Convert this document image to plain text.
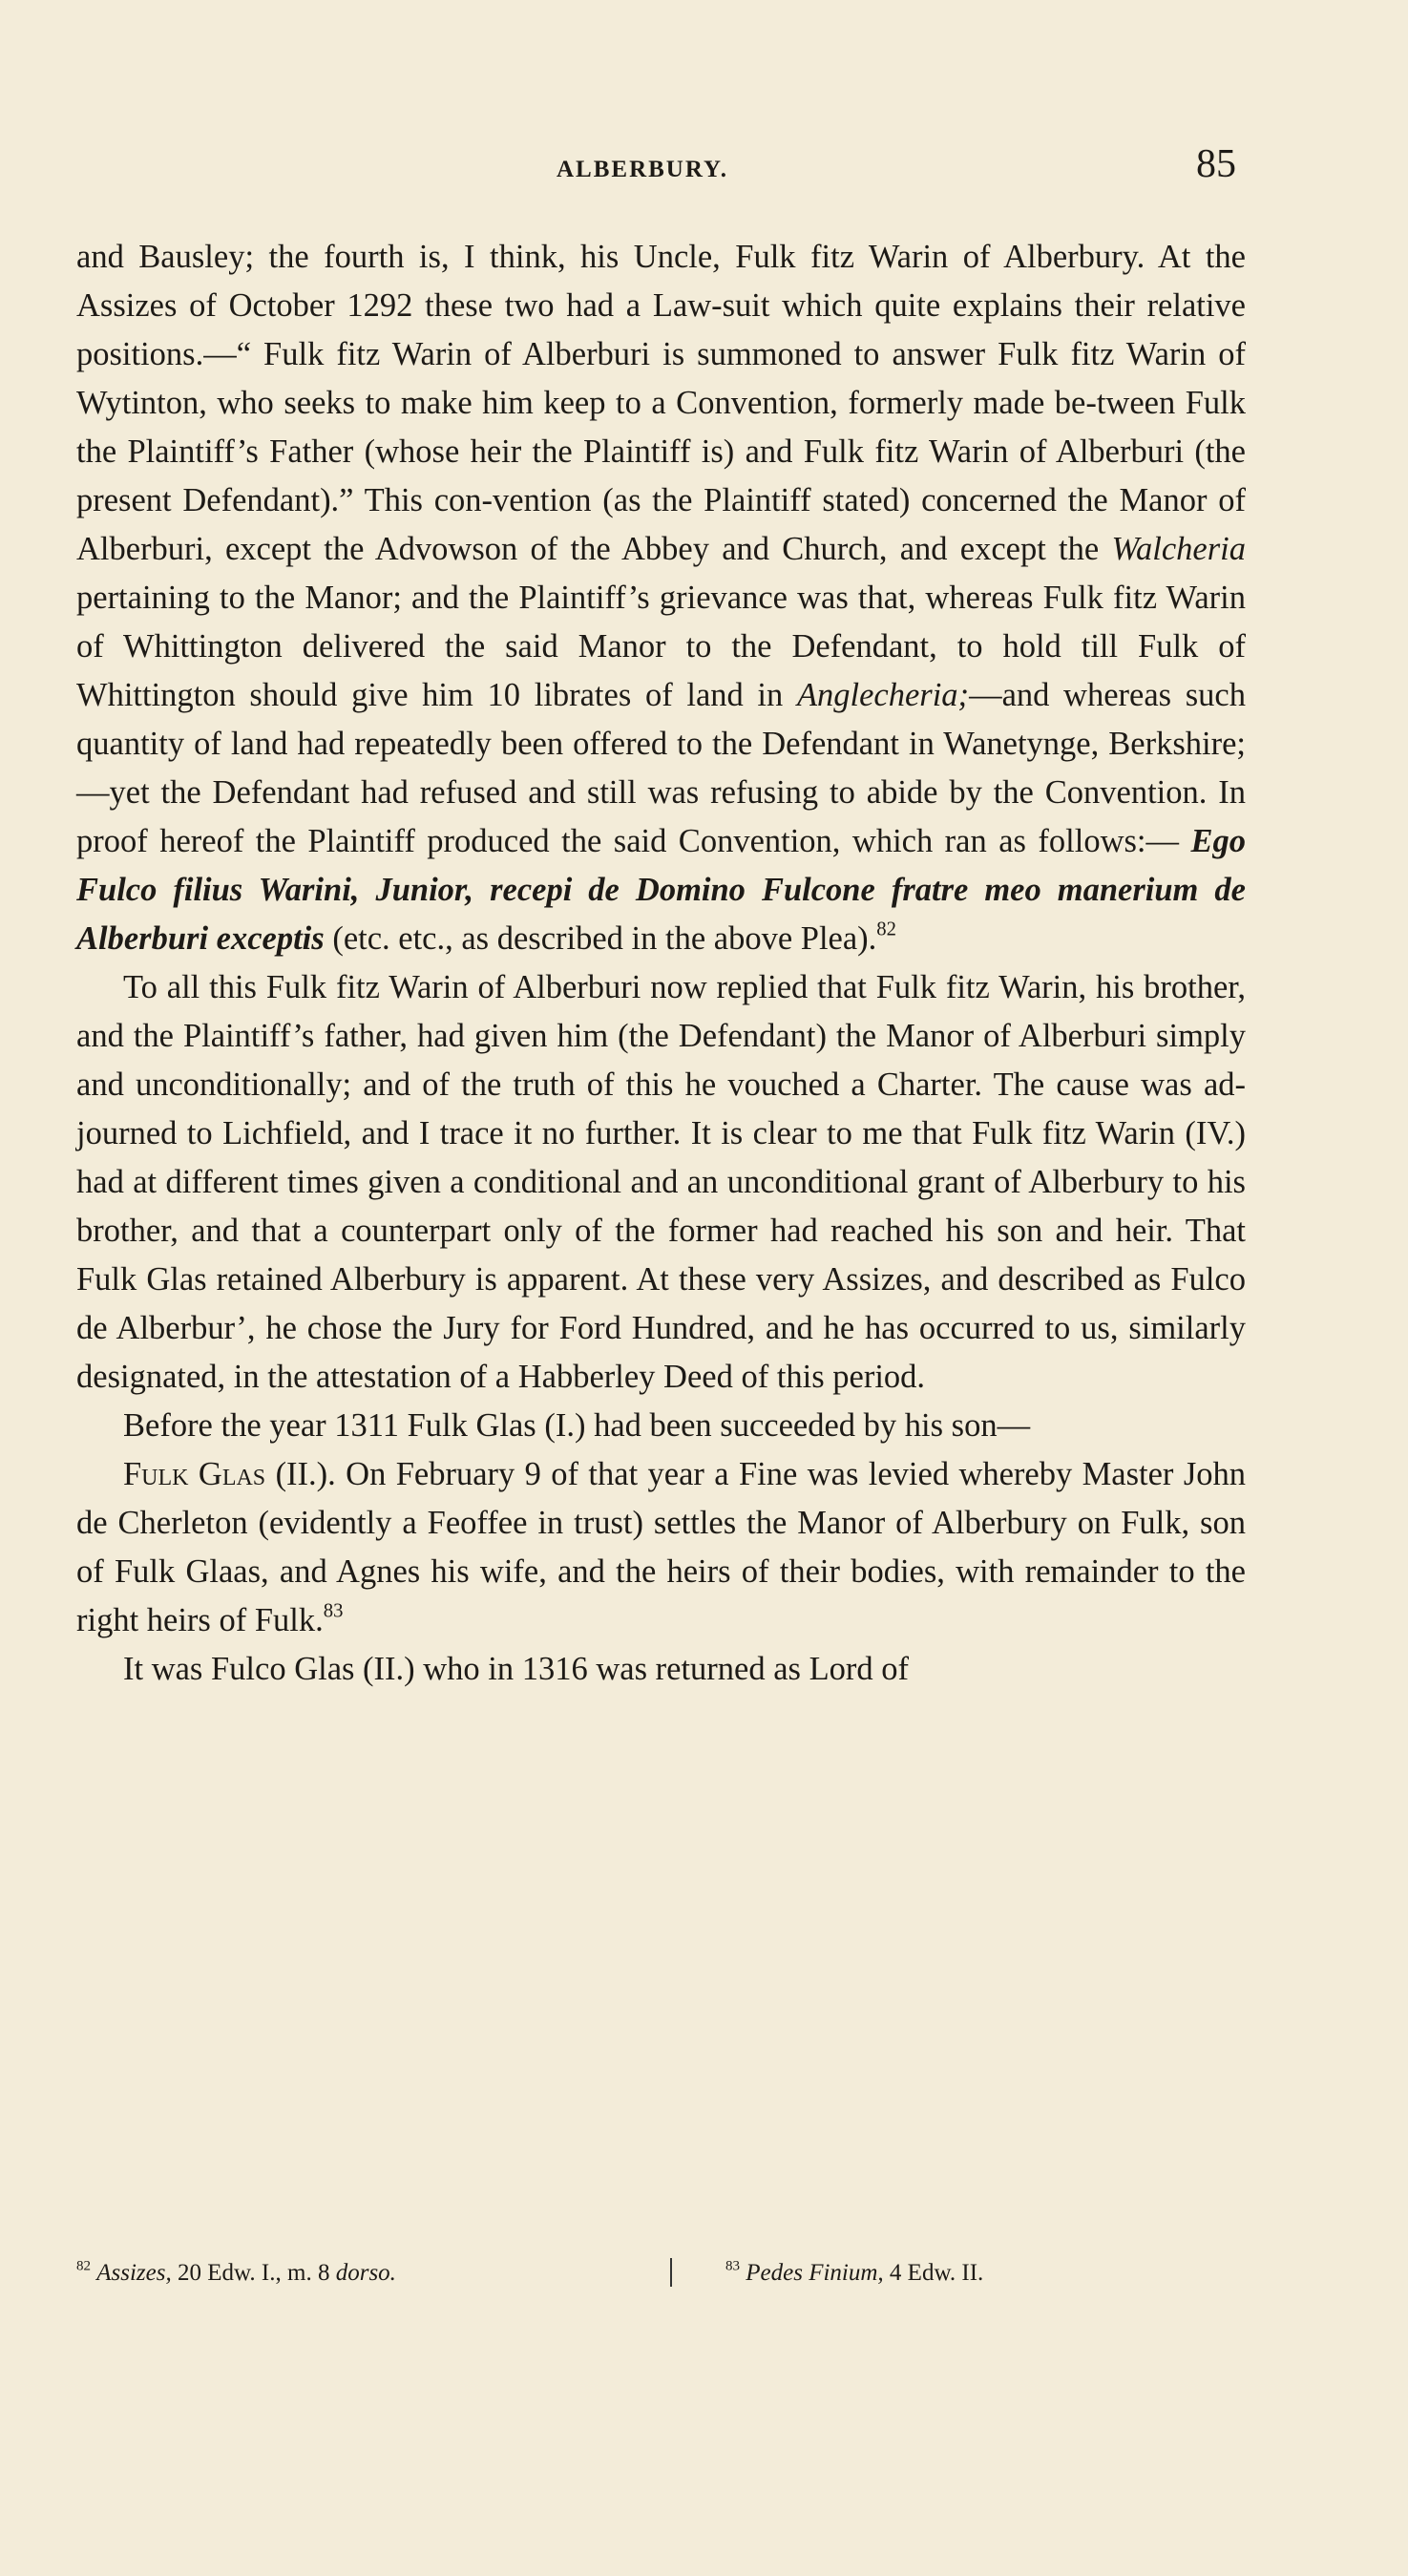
ALBERBURY.	85

and Bausley; the fourth is, I think, his Uncle, Fulk fitz Warin of Alberbury. At the Assizes of October 1292 these two had a Law-suit which quite explains their relative positions.—“ Fulk fitz Warin of Alberburi is summoned to answer Fulk fitz Warin of Wytinton, who seeks to make him keep to a Convention, formerly made be-tween Fulk the Plaintiff’s Father (whose heir the Plaintiff is) and Fulk fitz Warin of Alberburi (the present Defendant).” This con-vention (as the Plaintiff stated) concerned the Manor of Alberburi, except the Advowson of the Abbey and Church, and except the Walcheria pertaining to the Manor; and the Plaintiff’s grievance was that, whereas Fulk fitz Warin of Whittington delivered the said Manor to the Defendant, to hold till Fulk of Whittington should give him 10 librates of land in Anglecheria;—and whereas such quantity of land had repeatedly been offered to the Defendant in Wanetynge, Berkshire;—yet the Defendant had refused and still was refusing to abide by the Convention. In proof hereof the Plaintiff produced the said Convention, which ran as follows:— Ego Fulco filius Warini, Junior, recepi de Domino Fulcone fratre meo manerium de Alberburi exceptis (etc. etc., as described in the above Plea).$^{82}$

To all this Fulk fitz Warin of Alberburi now replied that Fulk fitz Warin, his brother, and the Plaintiff’s father, had given him (the Defendant) the Manor of Alberburi simply and unconditionally; and of the truth of this he vouched a Charter. The cause was ad-journed to Lichfield, and I trace it no further. It is clear to me that Fulk fitz Warin (IV.) had at different times given a conditional and an unconditional grant of Alberbury to his brother, and that a counterpart only of the former had reached his son and heir. That Fulk Glas retained Alberbury is apparent. At these very Assizes, and described as Fulco de Alberbur’, he chose the Jury for Ford Hundred, and he has occurred to us, similarly designated, in the attestation of a Habberley Deed of this period.

Before the year 1311 Fulk Glas (I.) had been succeeded by his son—

Fulk Glas (II.). On February 9 of that year a Fine was levied whereby Master John de Cherleton (evidently a Feoffee in trust) settles the Manor of Alberbury on Fulk, son of Fulk Glaas, and Agnes his wife, and the heirs of their bodies, with remainder to the right heirs of Fulk.$^{83}$

It was Fulco Glas (II.) who in 1316 was returned as Lord of

$^{82}$ Assizes, 20 Edw. I., m. 8 dorso.	$^{83}$ Pedes Finium, 4 Edw. II.
